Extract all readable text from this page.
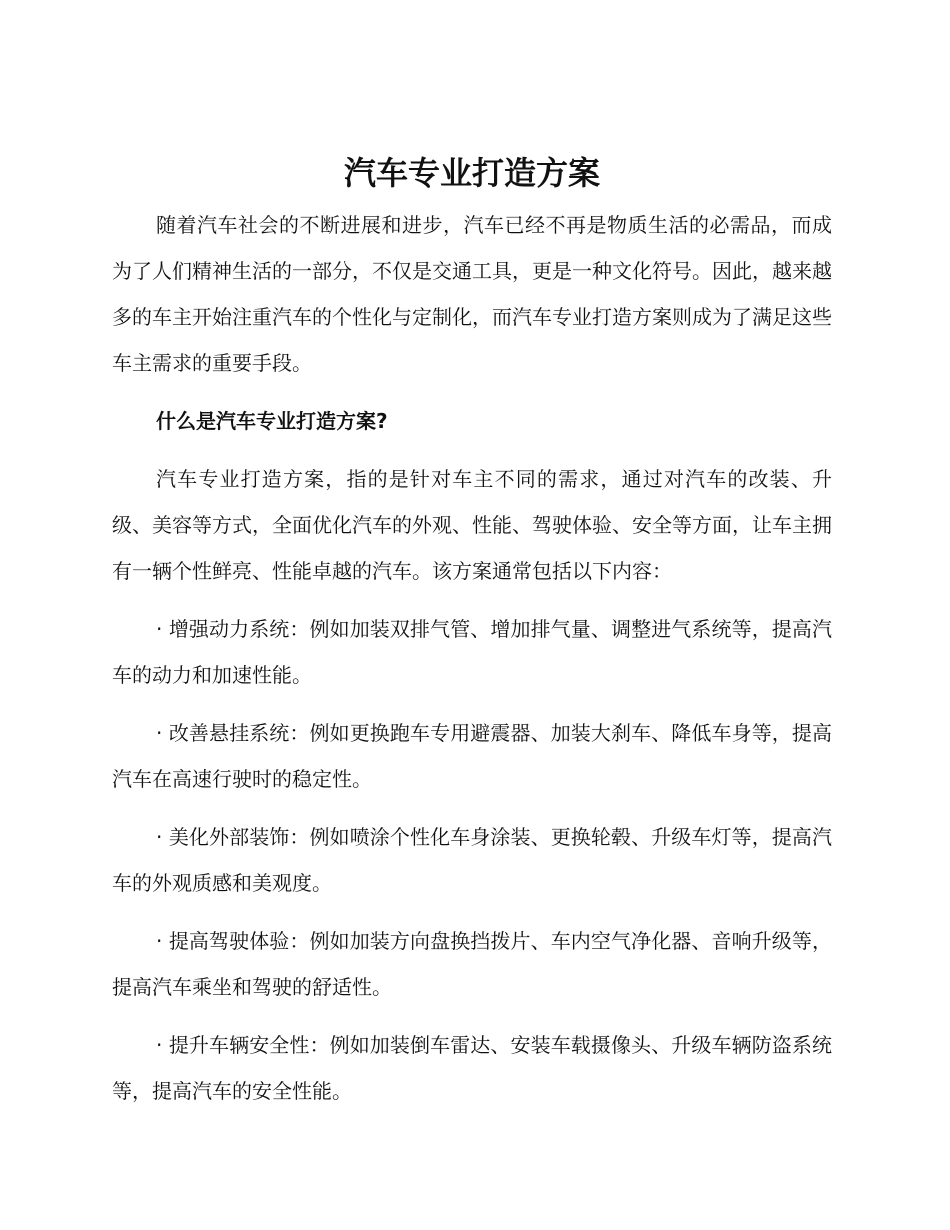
汽车专业打造方案

随着汽车社会的不断进展和进步，汽车已经不再是物质生活的必需品，而成为了人们精神生活的一部分，不仅是交通工具，更是一种文化符号。因此，越来越多的车主开始注重汽车的个性化与定制化，而汽车专业打造方案则成为了满足这些车主需求的重要手段。

什么是汽车专业打造方案?

汽车专业打造方案，指的是针对车主不同的需求，通过对汽车的改装、升级、美容等方式，全面优化汽车的外观、性能、驾驶体验、安全等方面，让车主拥有一辆个性鲜亮、性能卓越的汽车。该方案通常包括以下内容：

· 增强动力系统：例如加装双排气管、增加排气量、调整进气系统等，提高汽车的动力和加速性能。

· 改善悬挂系统：例如更换跑车专用避震器、加装大刹车、降低车身等，提高汽车在高速行驶时的稳定性。

· 美化外部装饰：例如喷涂个性化车身涂装、更换轮毂、升级车灯等，提高汽车的外观质感和美观度。

· 提高驾驶体验：例如加装方向盘换挡拨片、车内空气净化器、音响升级等，提高汽车乘坐和驾驶的舒适性。

· 提升车辆安全性：例如加装倒车雷达、安装车载摄像头、升级车辆防盗系统等，提高汽车的安全性能。
